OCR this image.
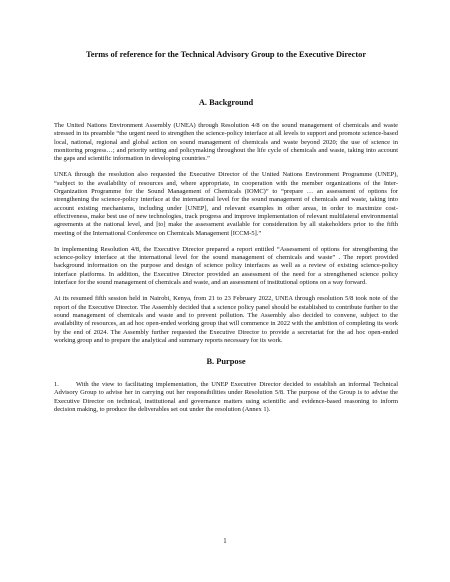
Terms of reference for the Technical Advisory Group to the Executive Director
A. Background

The United Nations Environment Assembly (UNEA) through Resolution 4/8 on the sound management of chemicals and waste stressed in its preamble “the urgent need to strengthen the science-policy interface at all levels to support and promote science-based local, national, regional and global action on sound management of chemicals and waste beyond 2020; the use of science in monitoring progress…; and priority setting and policymaking throughout the life cycle of chemicals and waste, taking into account the gaps and scientific information in developing countries.”

UNEA through the resolution also requested the Executive Director of the United Nations Environment Programme (UNEP), “subject to the availability of resources and, where appropriate, in cooperation with the member organizations of the Inter-Organization Programme for the Sound Management of Chemicals (IOMC)” to “prepare … an assessment of options for strengthening the science-policy interface at the international level for the sound management of chemicals and waste, taking into account existing mechanisms, including under [UNEP], and relevant examples in other areas, in order to maximize cost-effectiveness, make best use of new technologies, track progress and improve implementation of relevant multilateral environmental agreements at the national level, and [to] make the assessment available for consideration by all stakeholders prior to the fifth meeting of the International Conference on Chemicals Management [ICCM-5].”

In implementing Resolution 4/8, the Executive Director prepared a report entitled “Assessment of options for strengthening the science-policy interface at the international level for the sound management of chemicals and waste” . The report provided background information on the purpose and design of science policy interfaces as well as a review of existing science-policy interface platforms. In addition, the Executive Director provided an assessment of the need for a strengthened science policy interface for the sound management of chemicals and waste, and an assessment of institutional options on a way forward.

At its resumed fifth session held in Nairobi, Kenya, from 21 to 23 February 2022, UNEA through resolution 5/8 took note of the report of the Executive Director. The Assembly decided that a science policy panel should be established to contribute further to the sound management of chemicals and waste and to prevent pollution. The Assembly also decided to convene, subject to the availability of resources, an ad hoc open-ended working group that will commence in 2022 with the ambition of completing its work by the end of 2024. The Assembly further requested the Executive Director to provide a secretariat for the ad hoc open-ended working group and to prepare the analytical and summary reports necessary for its work.

B. Purpose

1.	With the view to facilitating implementation, the UNEP Executive Director decided to establish an informal Technical Advisory Group to advise her in carrying out her responsibilities under Resolution 5/8. The purpose of the Group is to advise the Executive Director on technical, institutional and governance matters using scientific and evidence-based reasoning to inform decision making, to produce the deliverables set out under the resolution (Annex 1).

1
